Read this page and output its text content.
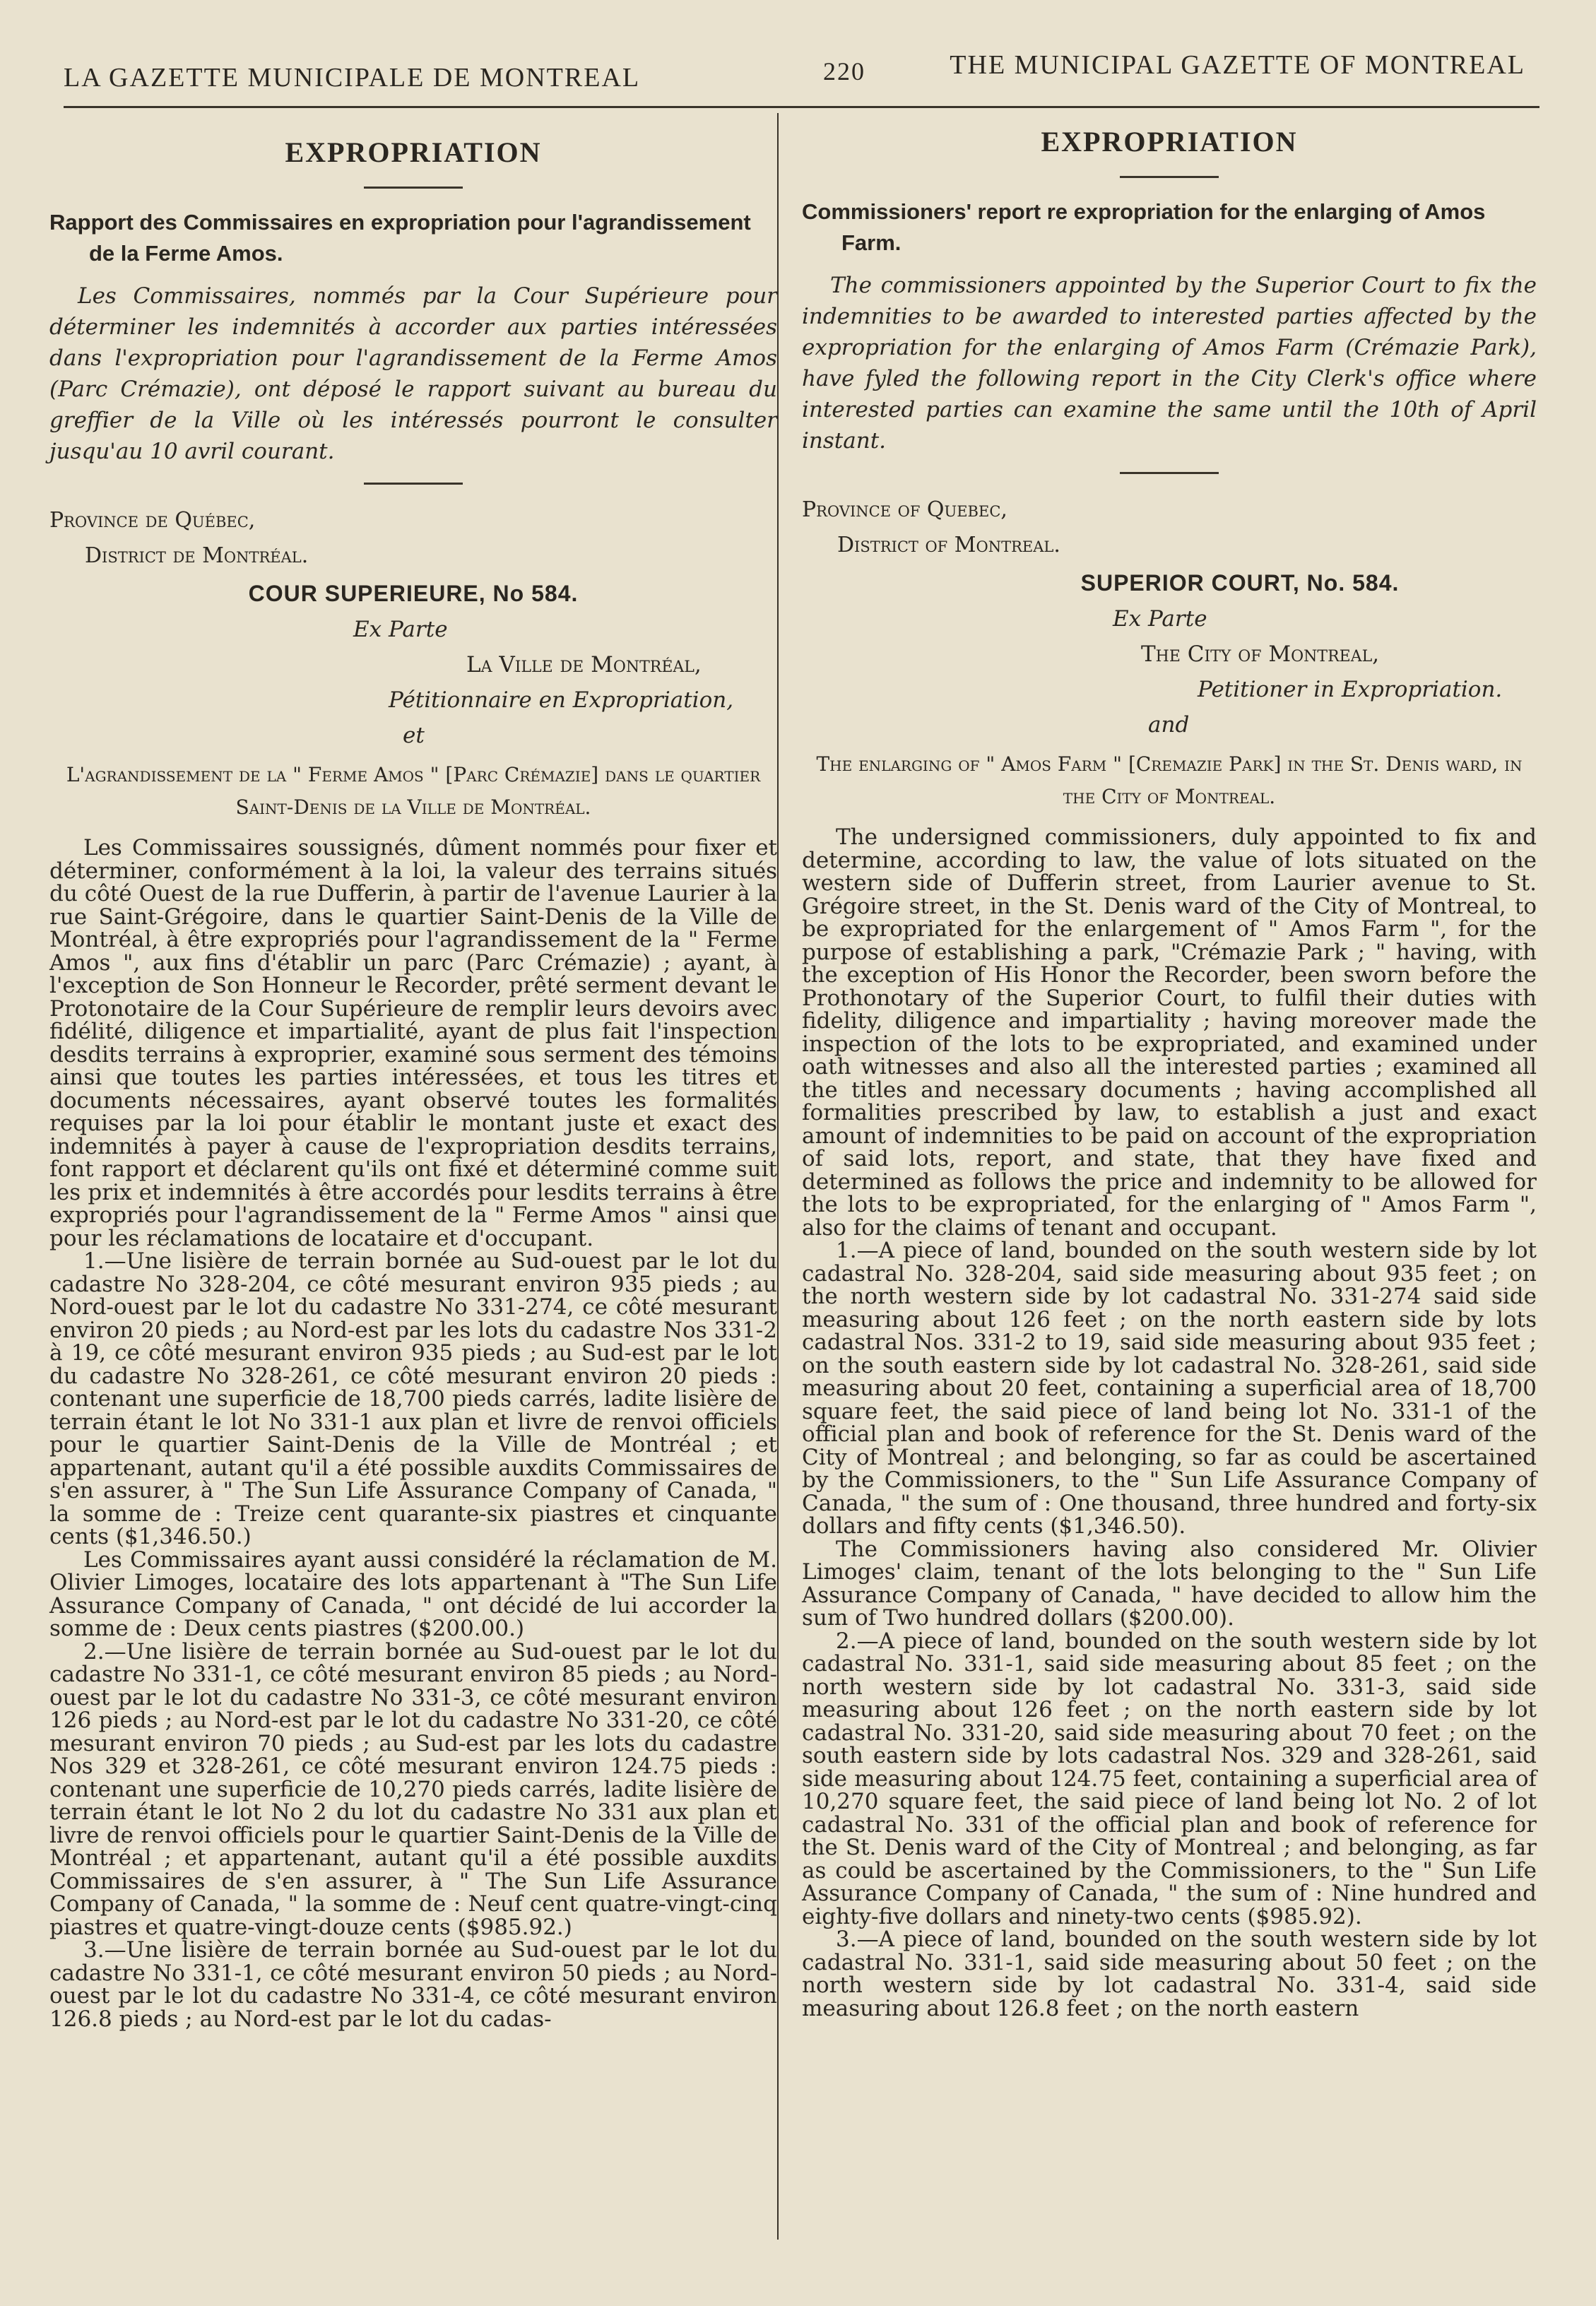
LA GAZETTE MUNICIPALE DE MONTREAL	220	THE MUNICIPAL GAZETTE OF MONTREAL
EXPROPRIATION

Rapport des Commissaires en expropriation pour l'agrandissement de la Ferme Amos.

Les Commissaires, nommés par la Cour Supérieure pour déterminer les indemnités à accorder aux parties intéressées dans l'expropriation pour l'agrandissement de la Ferme Amos (Parc Crémazie), ont déposé le rapport suivant au bureau du greffier de la Ville où les intéressés pourront le consulter jusqu'au 10 avril courant.

Province de Québec,
District de Montréal.
COUR SUPERIEURE, No 584.
Ex Parte
La Ville de Montréal,
Pétitionnaire en Expropriation,
et
L'agrandissement de la " Ferme Amos " [Parc Crémazie] dans le quartier Saint-Denis de la Ville de Montréal.

Les Commissaires soussignés, dûment nommés pour fixer et déterminer, conformément à la loi, la valeur des terrains situés du côté Ouest de la rue Dufferin, à partir de l'avenue Laurier à la rue Saint-Grégoire, dans le quartier Saint-Denis de la Ville de Montréal, à être expropriés pour l'agrandissement de la " Ferme Amos ", aux fins d'établir un parc (Parc Crémazie) ; ayant, à l'exception de Son Honneur le Recorder, prêté serment devant le Protonotaire de la Cour Supérieure de remplir leurs devoirs avec fidélité, diligence et impartialité, ayant de plus fait l'inspection desdits terrains à exproprier, examiné sous serment des témoins ainsi que toutes les parties intéressées, et tous les titres et documents nécessaires, ayant observé toutes les formalités requises par la loi pour établir le montant juste et exact des indemnités à payer à cause de l'expropriation desdits terrains, font rapport et déclarent qu'ils ont fixé et déterminé comme suit les prix et indemnités à être accordés pour lesdits terrains à être expropriés pour l'agrandissement de la " Ferme Amos " ainsi que pour les réclamations de locataire et d'occupant.

1.—Une lisière de terrain bornée au Sud-ouest par le lot du cadastre No 328-204, ce côté mesurant environ 935 pieds ; au Nord-ouest par le lot du cadastre No 331-274, ce côté mesurant environ 20 pieds ; au Nord-est par les lots du cadastre Nos 331-2 à 19, ce côté mesurant environ 935 pieds ; au Sud-est par le lot du cadastre No 328-261, ce côté mesurant environ 20 pieds : contenant une superficie de 18,700 pieds carrés, ladite lisière de terrain étant le lot No 331-1 aux plan et livre de renvoi officiels pour le quartier Saint-Denis de la Ville de Montréal ; et appartenant, autant qu'il a été possible auxdits Commissaires de s'en assurer, à " The Sun Life Assurance Company of Canada, " la somme de : Treize cent quarante-six piastres et cinquante cents ($1,346.50.)

Les Commissaires ayant aussi considéré la réclamation de M. Olivier Limoges, locataire des lots appartenant à "The Sun Life Assurance Company of Canada, " ont décidé de lui accorder la somme de : Deux cents piastres ($200.00.)

2.—Une lisière de terrain bornée au Sud-ouest par le lot du cadastre No 331-1, ce côté mesurant environ 85 pieds ; au Nord-ouest par le lot du cadastre No 331-3, ce côté mesurant environ 126 pieds ; au Nord-est par le lot du cadastre No 331-20, ce côté mesurant environ 70 pieds ; au Sud-est par les lots du cadastre Nos 329 et 328-261, ce côté mesurant environ 124.75 pieds : contenant une superficie de 10,270 pieds carrés, ladite lisière de terrain étant le lot No 2 du lot du cadastre No 331 aux plan et livre de renvoi officiels pour le quartier Saint-Denis de la Ville de Montréal ; et appartenant, autant qu'il a été possible auxdits Commissaires de s'en assurer, à " The Sun Life Assurance Company of Canada, " la somme de : Neuf cent quatre-vingt-cinq piastres et quatre-vingt-douze cents ($985.92.)

3.—Une lisière de terrain bornée au Sud-ouest par le lot du cadastre No 331-1, ce côté mesurant environ 50 pieds ; au Nord-ouest par le lot du cadastre No 331-4, ce côté mesurant environ 126.8 pieds ; au Nord-est par le lot du cadas-

EXPROPRIATION

Commissioners' report re expropriation for the enlarging of Amos Farm.

The commissioners appointed by the Superior Court to fix the indemnities to be awarded to interested parties affected by the expropriation for the enlarging of Amos Farm (Crémazie Park), have fyled the following report in the City Clerk's office where interested parties can examine the same until the 10th of April instant.

Province of Quebec,
District of Montreal.
SUPERIOR COURT, No. 584.
Ex Parte
The City of Montreal,
Petitioner in Expropriation.
and
The enlarging of " Amos Farm " [Cremazie Park] in the St. Denis ward, in the City of Montreal.

The undersigned commissioners, duly appointed to fix and determine, according to law, the value of lots situated on the western side of Dufferin street, from Laurier avenue to St. Grégoire street, in the St. Denis ward of the City of Montreal, to be expropriated for the enlargement of " Amos Farm ", for the purpose of establishing a park, "Crémazie Park ; " having, with the exception of His Honor the Recorder, been sworn before the Prothonotary of the Superior Court, to fulfil their duties with fidelity, diligence and impartiality ; having moreover made the inspection of the lots to be expropriated, and examined under oath witnesses and also all the interested parties ; examined all the titles and necessary documents ; having accomplished all formalities prescribed by law, to establish a just and exact amount of indemnities to be paid on account of the expropriation of said lots, report, and state, that they have fixed and determined as follows the price and indemnity to be allowed for the lots to be expropriated, for the enlarging of " Amos Farm ", also for the claims of tenant and occupant.

1.—A piece of land, bounded on the south western side by lot cadastral No. 328-204, said side measuring about 935 feet ; on the north western side by lot cadastral No. 331-274 said side measuring about 126 feet ; on the north eastern side by lots cadastral Nos. 331-2 to 19, said side measuring about 935 feet ; on the south eastern side by lot cadastral No. 328-261, said side measuring about 20 feet, containing a superficial area of 18,700 square feet, the said piece of land being lot No. 331-1 of the official plan and book of reference for the St. Denis ward of the City of Montreal ; and belonging, so far as could be ascertained by the Commissioners, to the " Sun Life Assurance Company of Canada, " the sum of : One thousand, three hundred and forty-six dollars and fifty cents ($1,346.50).

The Commissioners having also considered Mr. Olivier Limoges' claim, tenant of the lots belonging to the " Sun Life Assurance Company of Canada, " have decided to allow him the sum of Two hundred dollars ($200.00).

2.—A piece of land, bounded on the south western side by lot cadastral No. 331-1, said side measuring about 85 feet ; on the north western side by lot cadastral No. 331-3, said side measuring about 126 feet ; on the north eastern side by lot cadastral No. 331-20, said side measuring about 70 feet ; on the south eastern side by lots cadastral Nos. 329 and 328-261, said side measuring about 124.75 feet, containing a superficial area of 10,270 square feet, the said piece of land being lot No. 2 of lot cadastral No. 331 of the official plan and book of reference for the St. Denis ward of the City of Montreal ; and belonging, as far as could be ascertained by the Commissioners, to the " Sun Life Assurance Company of Canada, " the sum of : Nine hundred and eighty-five dollars and ninety-two cents ($985.92).

3.—A piece of land, bounded on the south western side by lot cadastral No. 331-1, said side measuring about 50 feet ; on the north western side by lot cadastral No. 331-4, said side measuring about 126.8 feet ; on the north eastern
